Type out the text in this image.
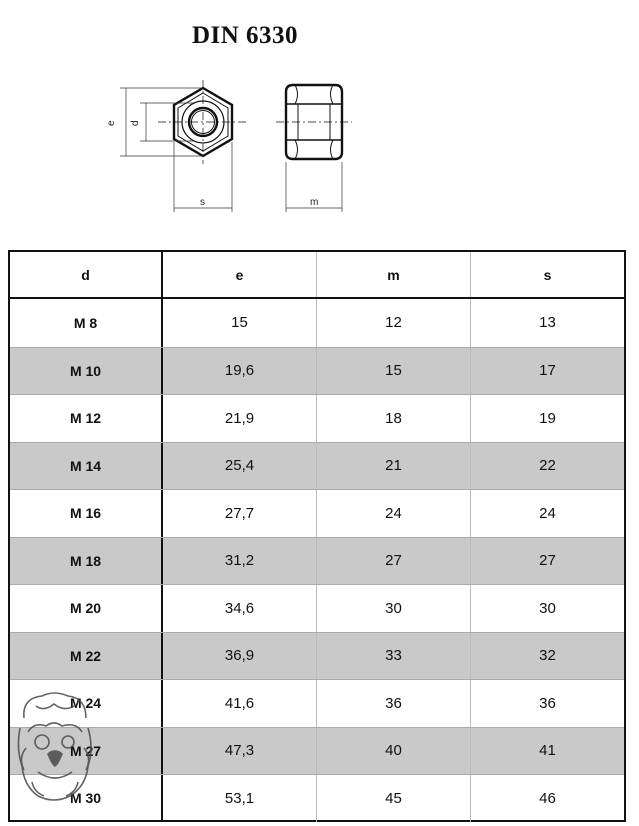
DIN 6330
e d
s	m
d	e	m	s
M 8	15	12	13
M 10	19,6	15	17
M 12	21,9	18	19
M 14	25,4	21	22
M 16	27,7	24	24
M 18	31,2	27	27
M 20	34,6	30	30
M 22	36,9	33	32
M 24	41,6	36	36
M 27	47,3	40	41
M 30	53,1	45	46
